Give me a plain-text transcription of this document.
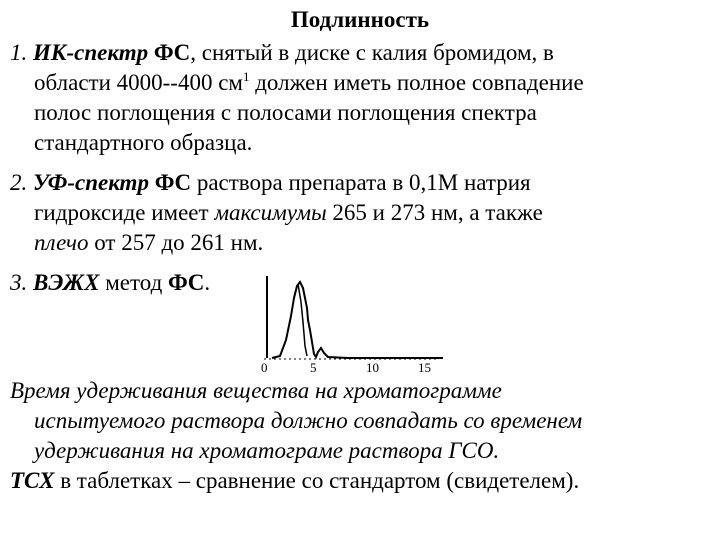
Подлинность
1. ИК-спектр ФС, снятый в диске с калия бромидом, в
области 4000--400 $см^1$ должен иметь полное совпадение
полос поглощения с полосами поглощения спектра
стандартного образца.
2. УФ-спектр ФС раствора препарата в 0,1М натрия
гидроксиде имеет максимумы 265 и 273 нм, а также
плечо от 257 до 261 нм.
3. ВЭЖХ метод ФС.
0	5	10	15
Время удерживания вещества на хроматограмме
испытуемого раствора должно совпадать со временем
удерживания на хроматограме раствора ГСО.
ТСХ в таблетках – сравнение со стандартом (свидетелем).
